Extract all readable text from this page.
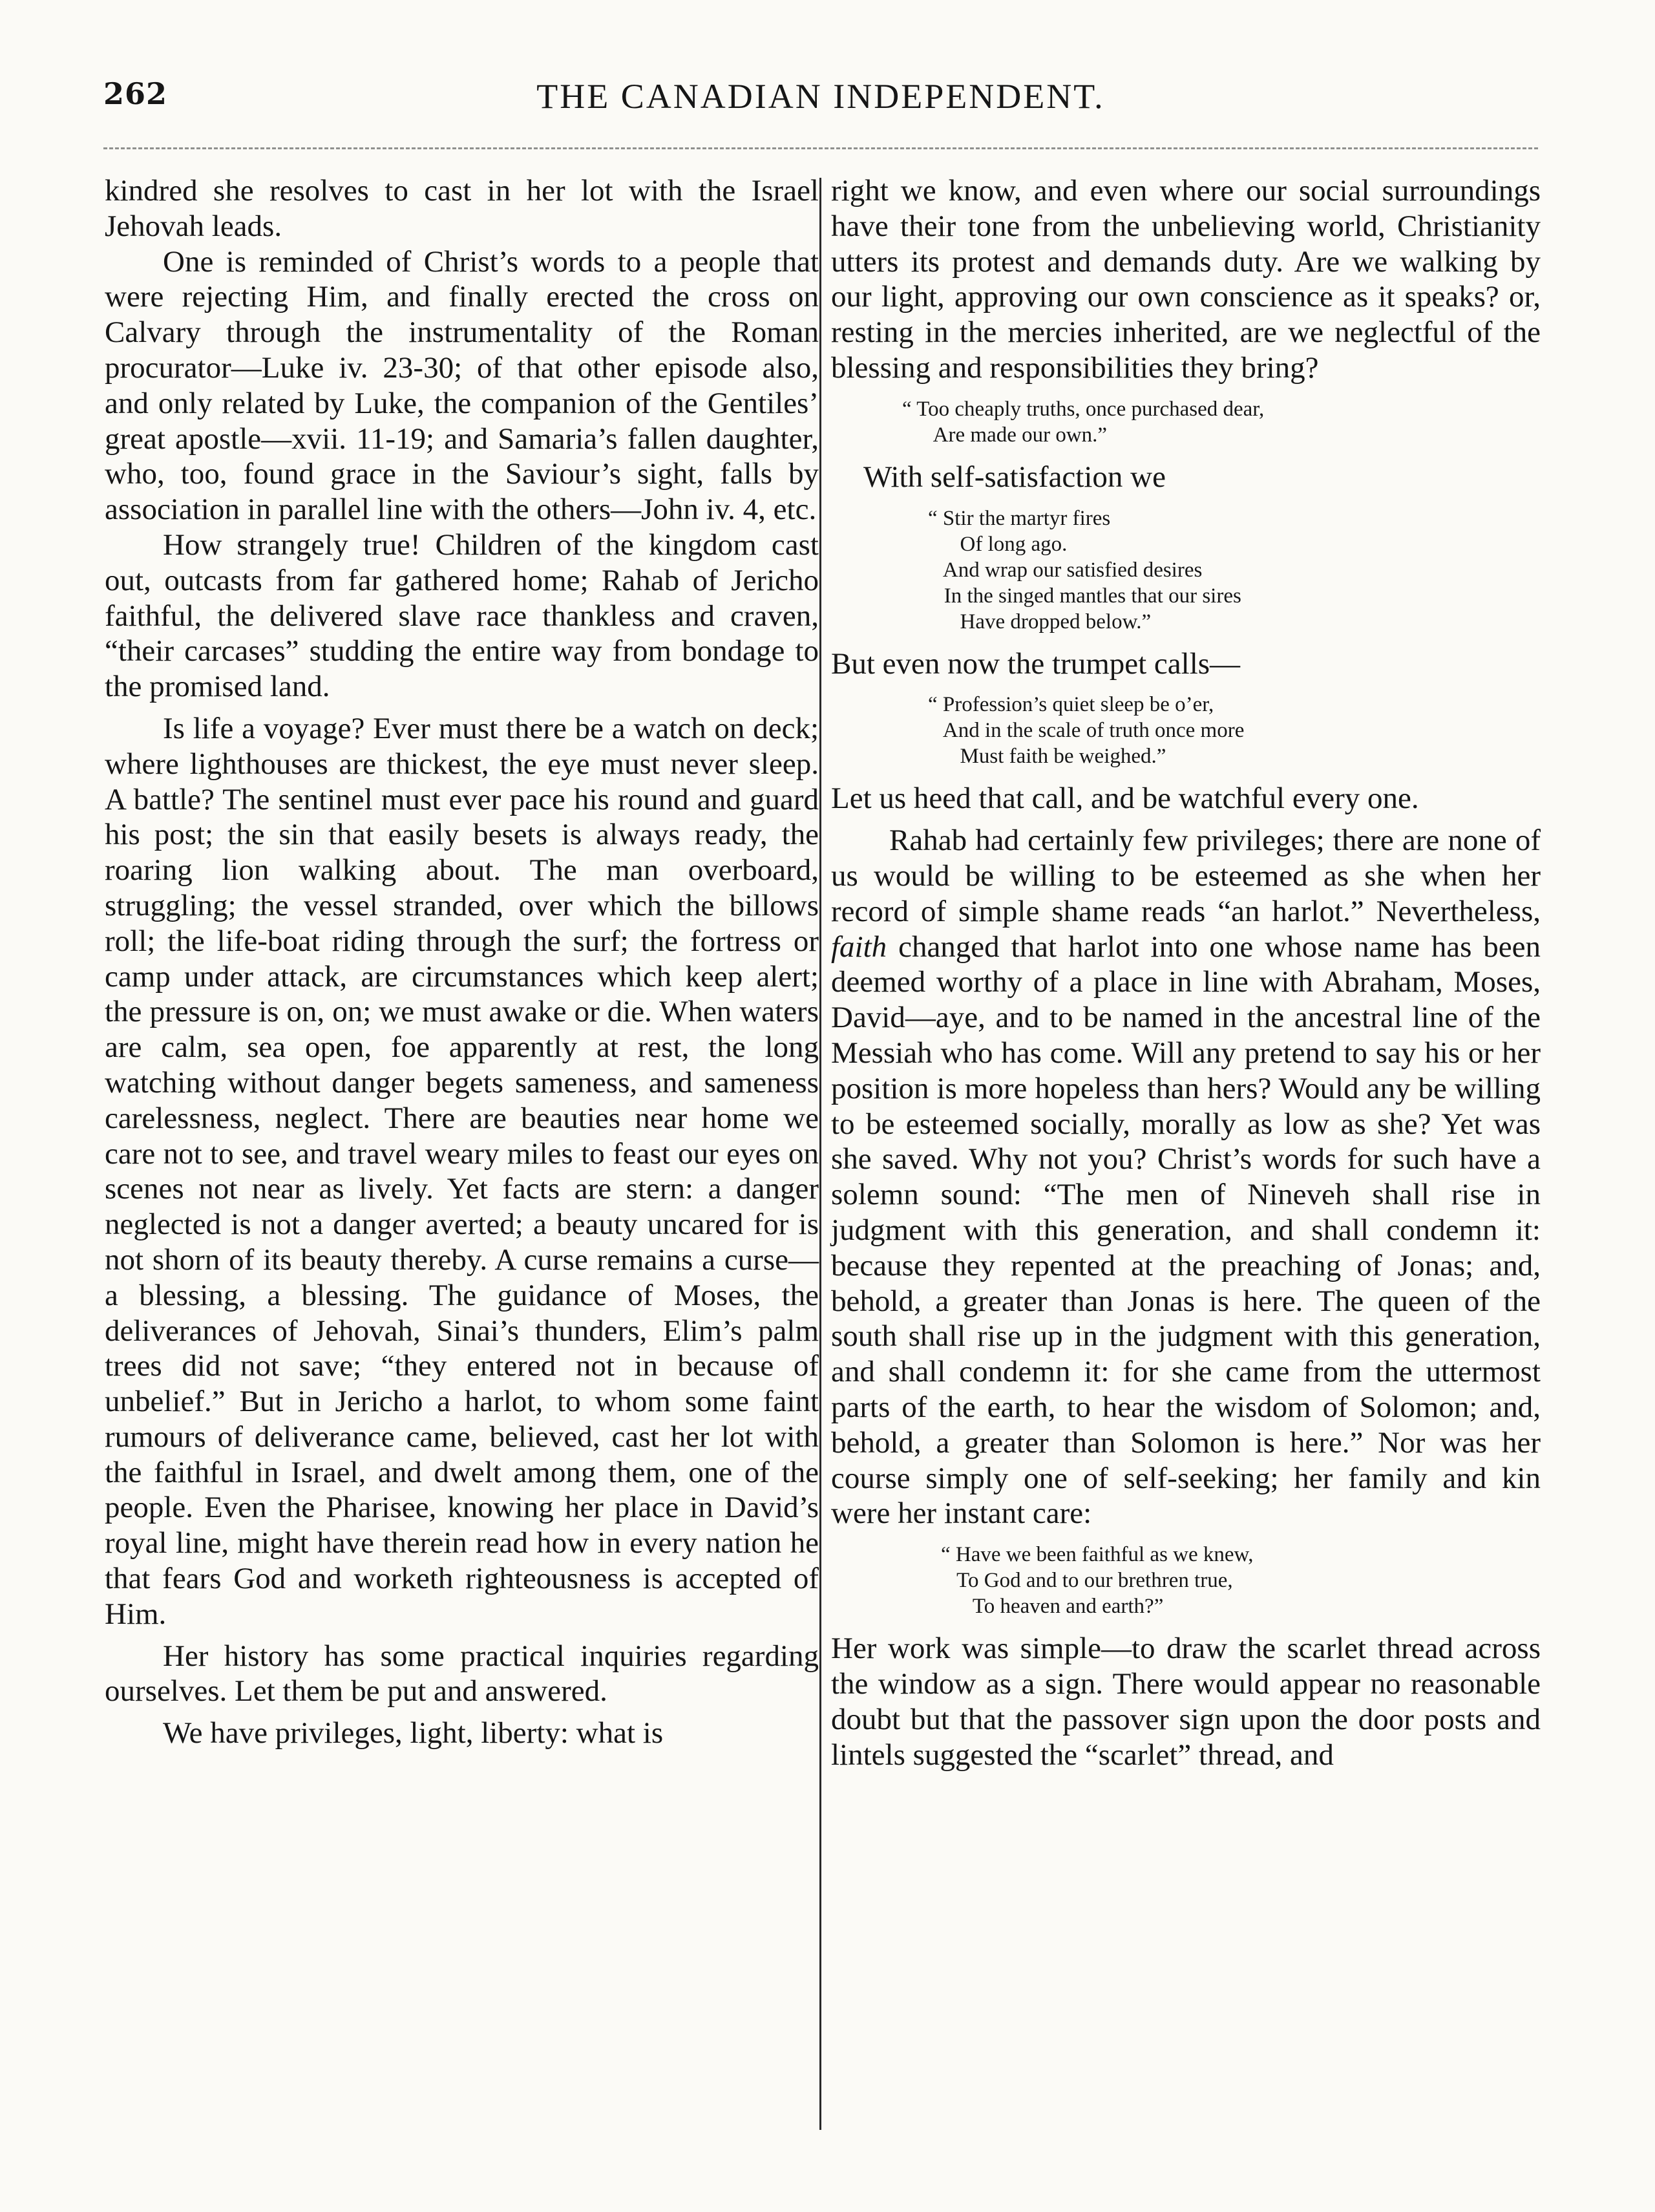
262	THE CANADIAN INDEPENDENT.

kindred she resolves to cast in her lot with the Israel Jehovah leads.

One is reminded of Christ’s words to a people that were rejecting Him, and finally erected the cross on Calvary through the instrumentality of the Roman procurator—Luke iv. 23-30; of that other episode also, and only related by Luke, the companion of the Gentiles’ great apostle—xvii. 11-19; and Samaria’s fallen daughter, who, too, found grace in the Saviour’s sight, falls by association in parallel line with the others—John iv. 4, etc.

How strangely true! Children of the kingdom cast out, outcasts from far gathered home; Rahab of Jericho faithful, the delivered slave race thankless and craven, “their carcases” studding the entire way from bondage to the promised land.

Is life a voyage? Ever must there be a watch on deck; where lighthouses are thickest, the eye must never sleep. A battle? The sentinel must ever pace his round and guard his post; the sin that easily besets is always ready, the roaring lion walking about. The man overboard, struggling; the vessel stranded, over which the billows roll; the life-boat riding through the surf; the fortress or camp under attack, are circumstances which keep alert; the pressure is on, on; we must awake or die. When waters are calm, sea open, foe apparently at rest, the long watching without danger begets sameness, and sameness carelessness, neglect. There are beauties near home we care not to see, and travel weary miles to feast our eyes on scenes not near as lively. Yet facts are stern: a danger neglected is not a danger averted; a beauty uncared for is not shorn of its beauty thereby. A curse remains a curse—a blessing, a blessing. The guidance of Moses, the deliverances of Jehovah, Sinai’s thunders, Elim’s palm trees did not save; “they entered not in because of unbelief.” But in Jericho a harlot, to whom some faint rumours of deliverance came, believed, cast her lot with the faithful in Israel, and dwelt among them, one of the people. Even the Pharisee, knowing her place in David’s royal line, might have therein read how in every nation he that fears God and worketh righteousness is accepted of Him.

Her history has some practical inquiries regarding ourselves. Let them be put and answered.

We have privileges, light, liberty: what is

right we know, and even where our social surroundings have their tone from the unbelieving world, Christianity utters its protest and demands duty. Are we walking by our light, approving our own conscience as it speaks? or, resting in the mercies inherited, are we neglectful of the blessing and responsibilities they bring?

“ Too cheaply truths, once purchased dear,
Are made our own.”
With self-satisfaction we
“ Stir the martyr fires
Of long ago.
And wrap our satisfied desires
In the singed mantles that our sires
Have dropped below.”
But even now the trumpet calls—
“ Profession’s quiet sleep be o’er,
And in the scale of truth once more
Must faith be weighed.”

Let us heed that call, and be watchful every one.

Rahab had certainly few privileges; there are none of us would be willing to be esteemed as she when her record of simple shame reads “an harlot.” Nevertheless, faith changed that harlot into one whose name has been deemed worthy of a place in line with Abraham, Moses, David—aye, and to be named in the ancestral line of the Messiah who has come. Will any pretend to say his or her position is more hopeless than hers? Would any be willing to be esteemed socially, morally as low as she? Yet was she saved. Why not you? Christ’s words for such have a solemn sound: “The men of Nineveh shall rise in judgment with this generation, and shall condemn it: because they repented at the preaching of Jonas; and, behold, a greater than Jonas is here. The queen of the south shall rise up in the judgment with this generation, and shall condemn it: for she came from the uttermost parts of the earth, to hear the wisdom of Solomon; and, behold, a greater than Solomon is here.” Nor was her course simply one of self-seeking; her family and kin were her instant care:

“ Have we been faithful as we knew,
To God and to our brethren true,
To heaven and earth?”

Her work was simple—to draw the scarlet thread across the window as a sign. There would appear no reasonable doubt but that the passover sign upon the door posts and lintels suggested the “scarlet” thread, and
